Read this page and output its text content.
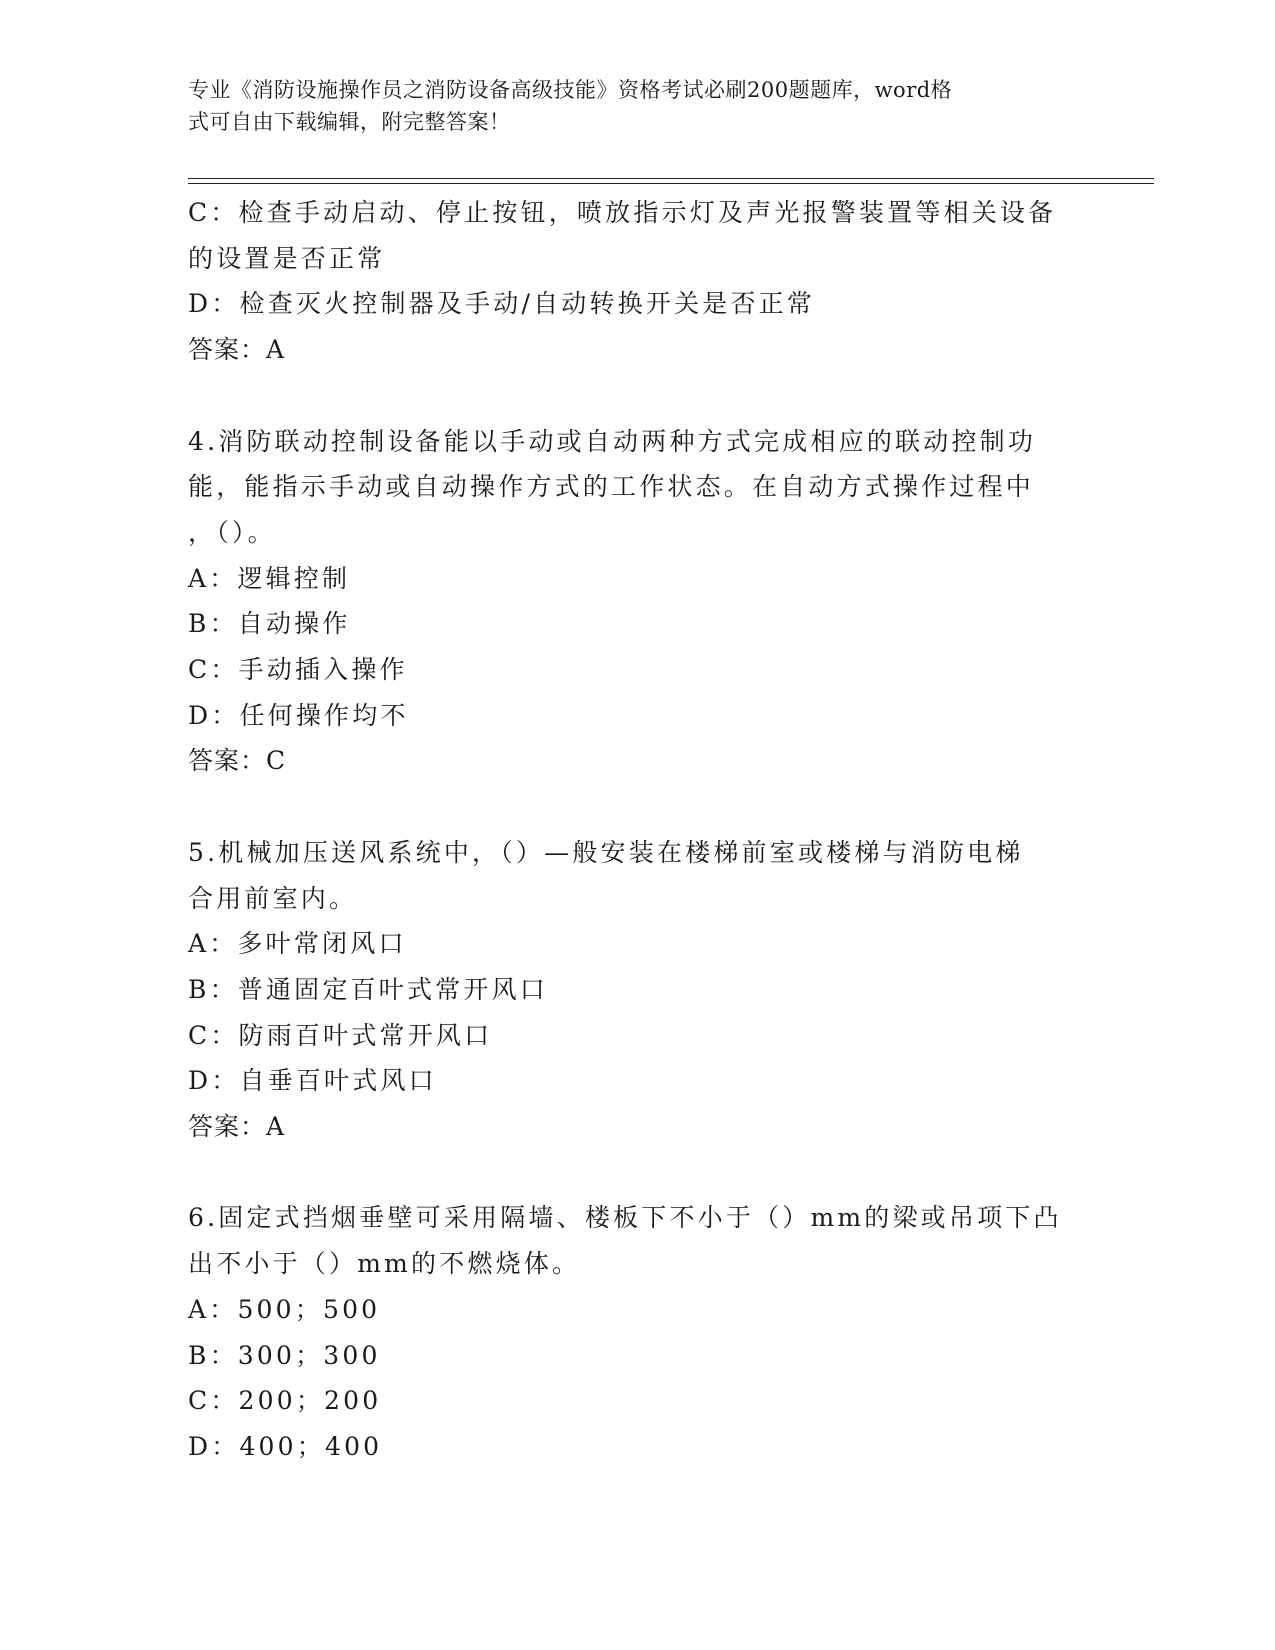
专业《消防设施操作员之消防设备高级技能》资格考试必刷200题题库，word格
式可自由下载编辑，附完整答案！
C：检查手动启动、停止按钮，喷放指示灯及声光报警装置等相关设备
的设置是否正常
D：检查灭火控制器及手动/自动转换开关是否正常
答案：A
4.消防联动控制设备能以手动或自动两种方式完成相应的联动控制功
能，能指示手动或自动操作方式的工作状态。在自动方式操作过程中
，（）。
A：逻辑控制
B：自动操作
C：手动插入操作
D：任何操作均不
答案：C
5.机械加压送风系统中，（）—般安装在楼梯前室或楼梯与消防电梯
合用前室内。
A：多叶常闭风口
B：普通固定百叶式常开风口
C：防雨百叶式常开风口
D：自垂百叶式风口
答案：A
6.固定式挡烟垂壁可采用隔墙、楼板下不小于（）mm的梁或吊项下凸
出不小于（）mm的不燃烧体。
A：500；500
B：300；300
C：200；200
D：400；400
